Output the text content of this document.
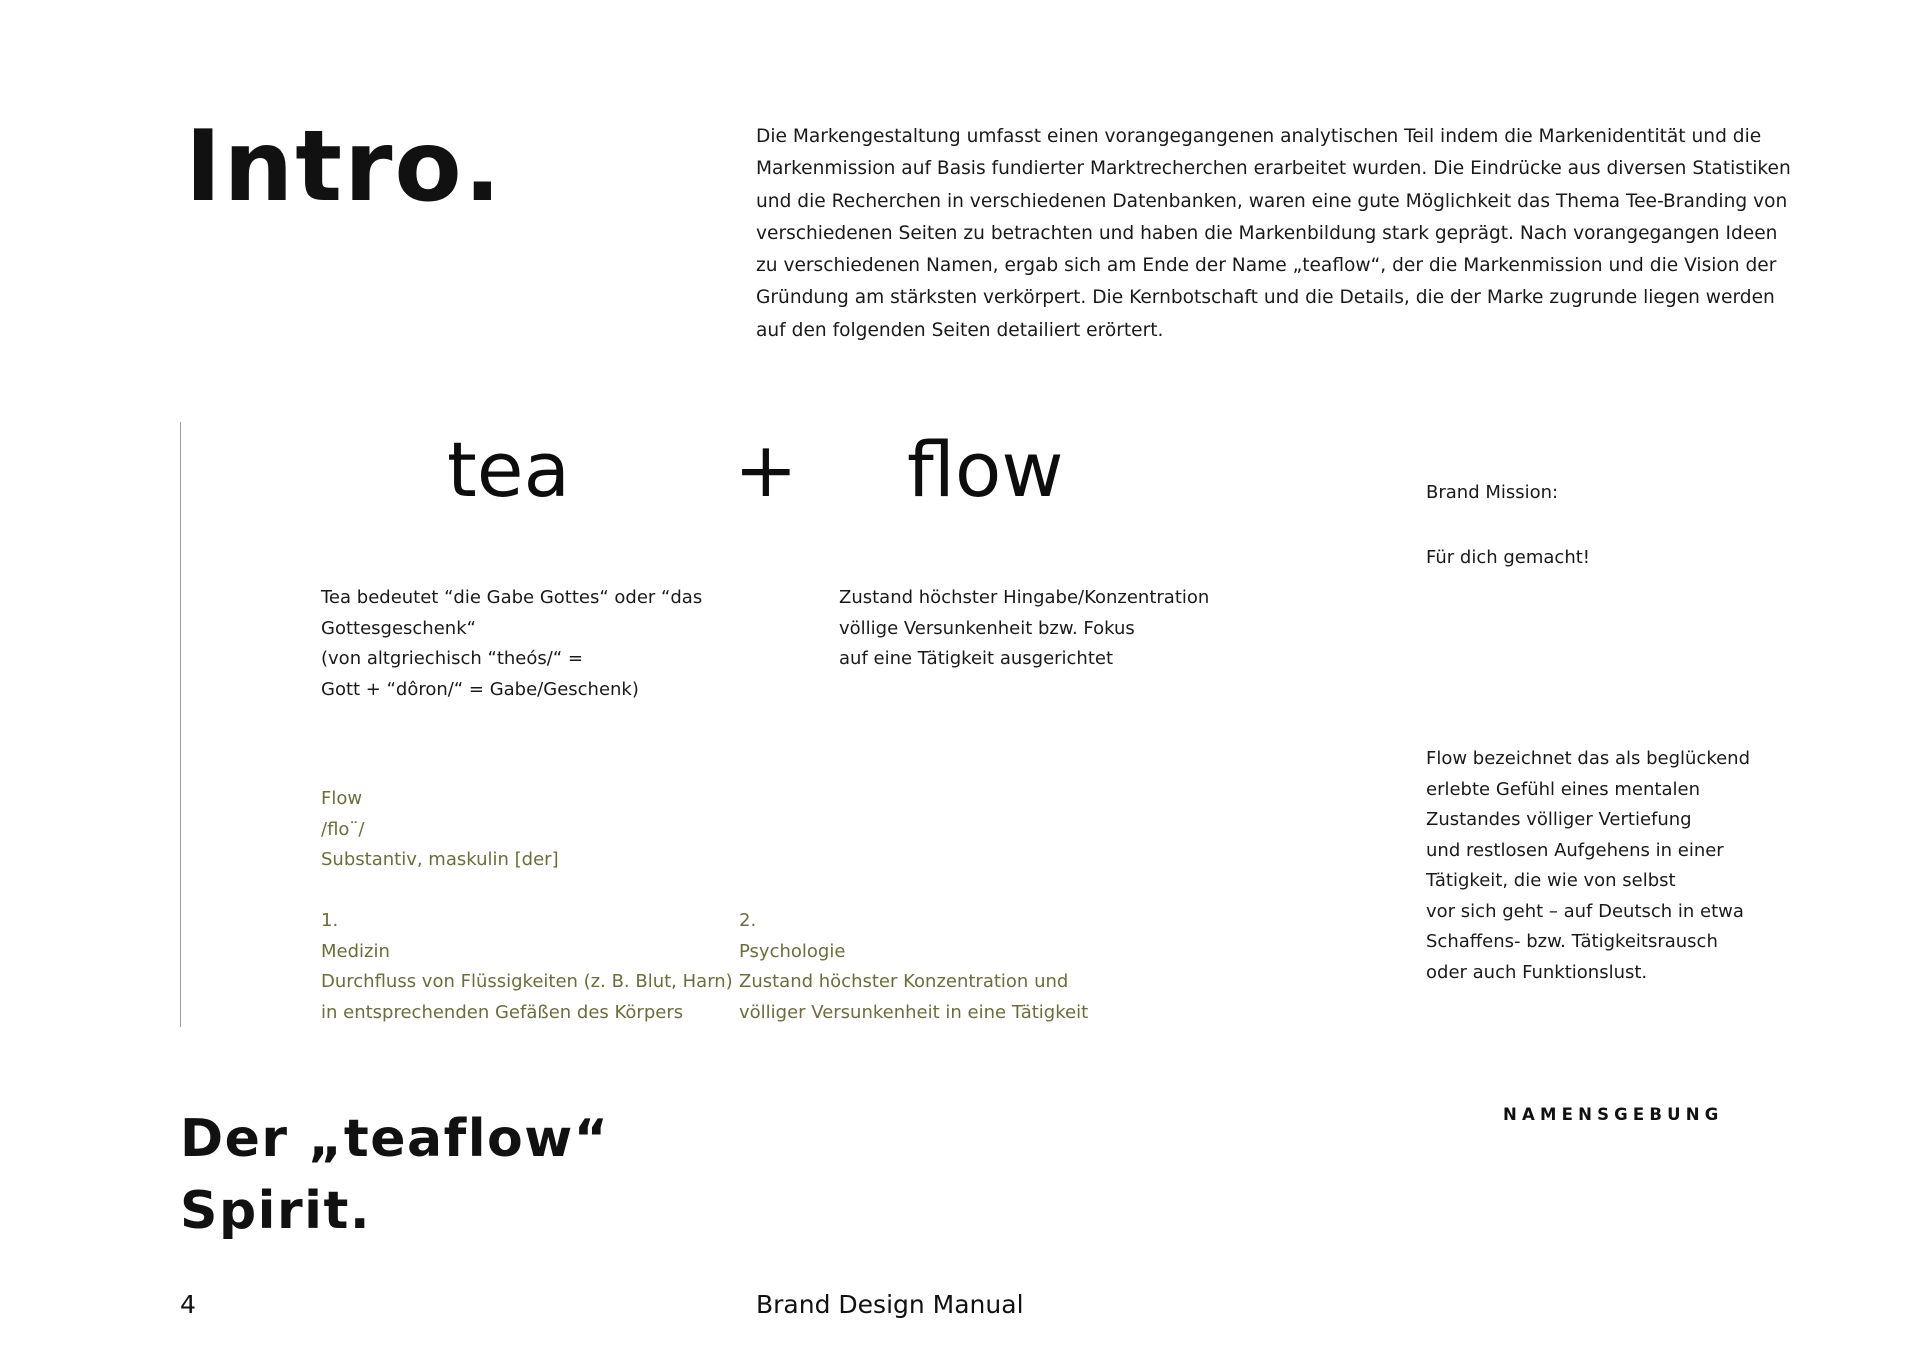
Intro.	Die Markengestaltung umfasst einen vorangegangenen analytischen Teil indem die Markenidentität und die

Markenmission auf Basis fundierter Marktrecherchen erarbeitet wurden. Die Eindrücke aus diversen Statistiken

und die Recherchen in verschiedenen Datenbanken, waren eine gute Möglichkeit das Thema Tee-Branding von

verschiedenen Seiten zu betrachten und haben die Markenbildung stark geprägt. Nach vorangegangen Ideen

zu verschiedenen Namen, ergab sich am Ende der Name „teaflow“, der die Markenmission und die Vision der

Gründung am stärksten verkörpert. Die Kernbotschaft und die Details, die der Marke zugrunde liegen werden

auf den folgenden Seiten detailiert erörtert.

tea + flow

Tea bedeutet “die Gabe Gottes“ oder “das

Gottesgeschenk“

(von altgriechisch “theós/“ =

Gott + “dôron/“ = Gabe/Geschenk)

Zustand höchster Hingabe/Konzentration

völlige Versunkenheit bzw. Fokus

auf eine Tätigkeit ausgerichtet

Brand Mission:

Für dich gemacht!

Flow bezeichnet das als beglückend

erlebte Gefühl eines mentalen

Zustandes völliger Vertiefung

und restlosen Aufgehens in einer

Tätigkeit, die wie von selbst

vor sich geht – auf Deutsch in etwa

Schaffens- bzw. Tätigkeitsrausch

oder auch Funktionslust.

Flow

/flo¨/

Substantiv, maskulin [der]

1.

Medizin

Durchfluss von Flüssigkeiten (z. B. Blut, Harn)

in entsprechenden Gefäßen des Körpers

2.

Psychologie

Zustand höchster Konzentration und

völliger Versunkenheit in eine Tätigkeit

Der „teaflow“
Spirit.
NAMENSGEBUNG
4	Brand Design Manual
